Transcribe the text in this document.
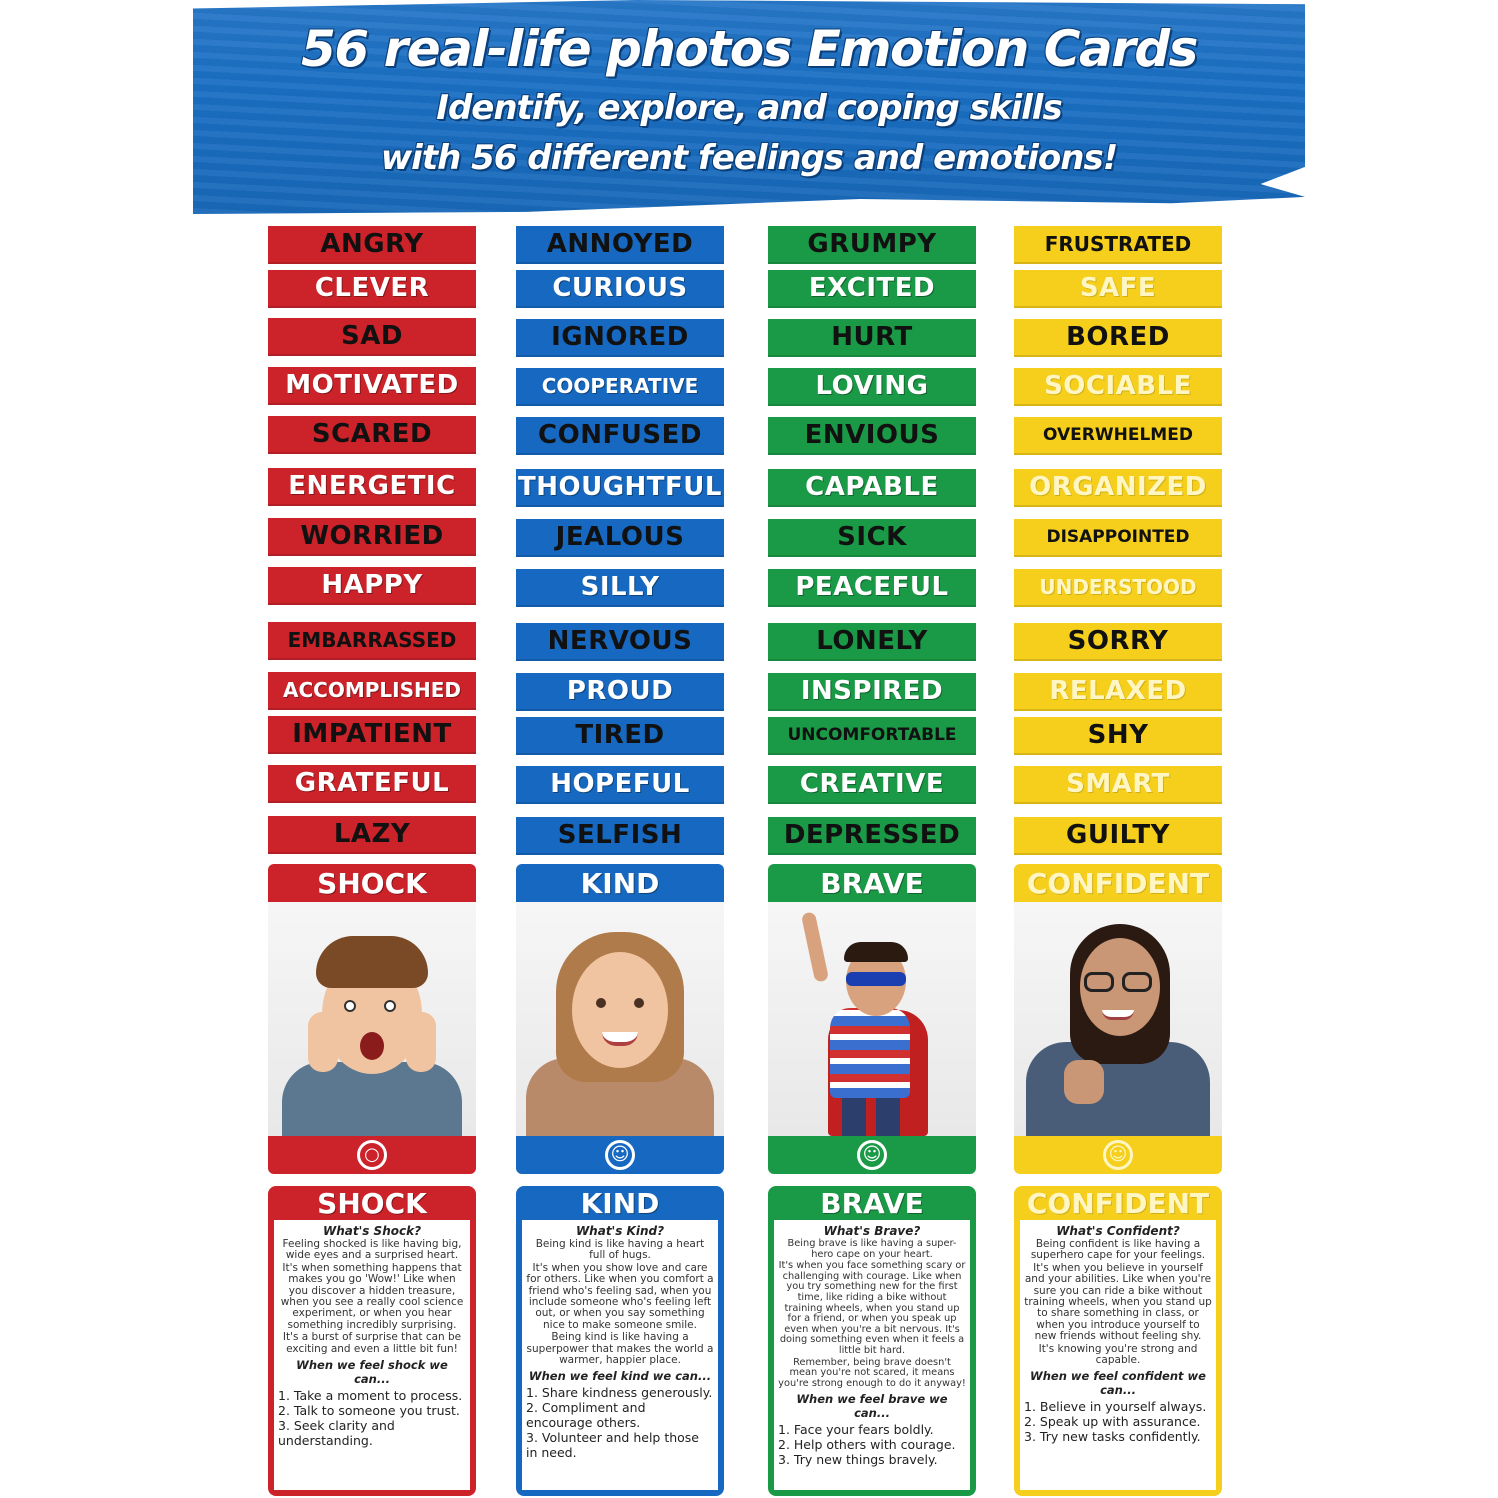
56 real-life photos Emotion Cards
Identify, explore, and coping skills
with 56 different feelings and emotions!
ANGRY
CLEVER
SAD
MOTIVATED
SCARED
ENERGETIC
WORRIED
HAPPY
EMBARRASSED
ACCOMPLISHED
IMPATIENT
GRATEFUL
LAZY
SHOCK
○
SHOCK
What's Shock?
Feeling shocked is like having big, wide eyes and a surprised heart.
It's when something happens that makes you go 'Wow!' Like when you discover a hidden treasure, when you see a really cool science experiment, or when you hear something incredibly surprising.
It's a burst of surprise that can be exciting and even a little bit fun!
When we feel shock we can...
1. Take a moment to process.
2. Talk to someone you trust.
3. Seek clarity and understanding.
ANNOYED
CURIOUS
IGNORED
COOPERATIVE
CONFUSED
THOUGHTFUL
JEALOUS
SILLY
NERVOUS
PROUD
TIRED
HOPEFUL
SELFISH
KIND
☺
KIND
What's Kind?
Being kind is like having a heart full of hugs.
It's when you show love and care for others. Like when you comfort a friend who's feeling sad, when you include someone who's feeling left out, or when you say something nice to make someone smile.
Being kind is like having a superpower that makes the world a warmer, happier place.
When we feel kind we can...
1. Share kindness generously.
2. Compliment and encourage others.
3. Volunteer and help those in need.
GRUMPY
EXCITED
HURT
LOVING
ENVIOUS
CAPABLE
SICK
PEACEFUL
LONELY
INSPIRED
UNCOMFORTABLE
CREATIVE
DEPRESSED
BRAVE
☺
BRAVE
What's Brave?
Being brave is like having a super-hero cape on your heart.
It's when you face something scary or challenging with courage. Like when you try something new for the first time, like riding a bike without training wheels, when you stand up for a friend, or when you speak up even when you're a bit nervous. It's doing something even when it feels a little bit hard.
Remember, being brave doesn't mean you're not scared, it means you're strong enough to do it anyway!
When we feel brave we can...
1. Face your fears boldly.
2. Help others with courage.
3. Try new things bravely.
FRUSTRATED
SAFE
BORED
SOCIABLE
OVERWHELMED
ORGANIZED
DISAPPOINTED
UNDERSTOOD
SORRY
RELAXED
SHY
SMART
GUILTY
CONFIDENT
☺
CONFIDENT
What's Confident?
Being confident is like having a superhero cape for your feelings.
It's when you believe in yourself and your abilities. Like when you're sure you can ride a bike without training wheels, when you stand up to share something in class, or when you introduce yourself to new friends without feeling shy.
It's knowing you're strong and capable.
When we feel confident we can...
1. Believe in yourself always.
2. Speak up with assurance.
3. Try new tasks confidently.
